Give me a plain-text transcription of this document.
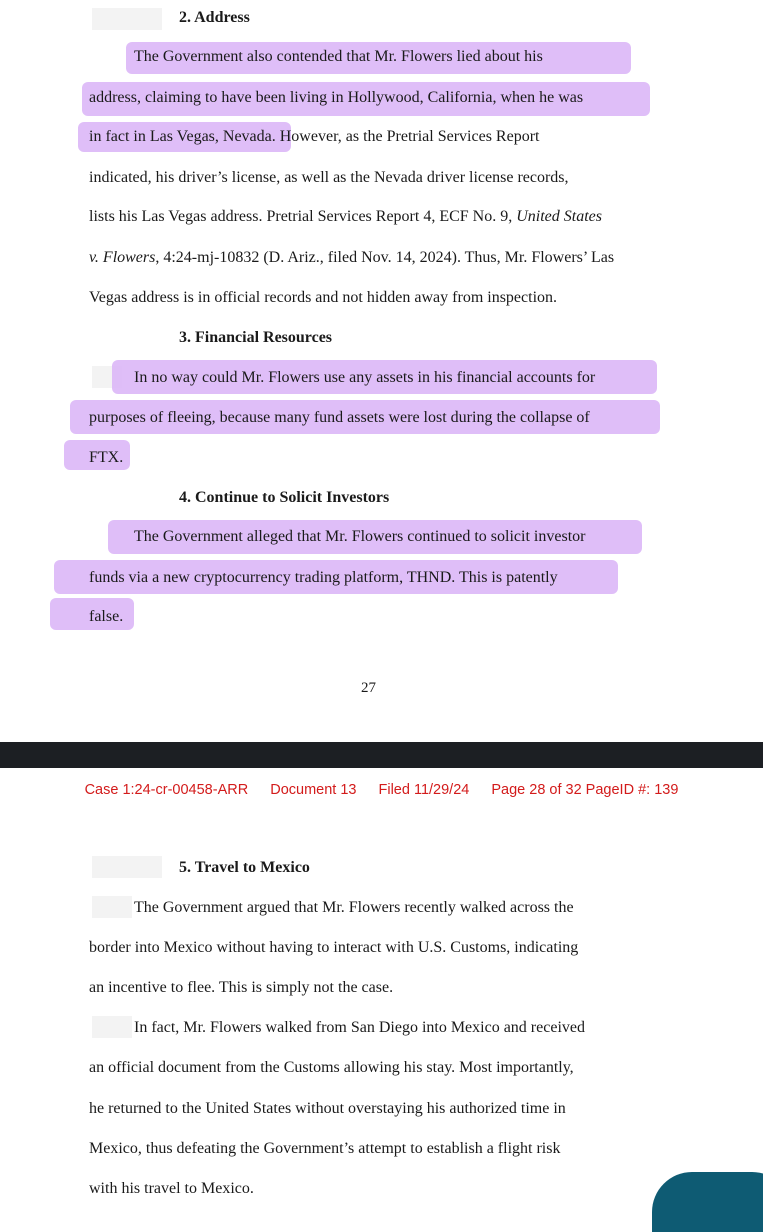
2. Address
The Government also contended that Mr. Flowers lied about his
address, claiming to have been living in Hollywood, California, when he was
in fact in Las Vegas, Nevada. However, as the Pretrial Services Report
indicated, his driver’s license, as well as the Nevada driver license records,
lists his Las Vegas address. Pretrial Services Report 4, ECF No. 9, United States
v. Flowers, 4:24-mj-10832 (D. Ariz., filed Nov. 14, 2024). Thus, Mr. Flowers’ Las
Vegas address is in official records and not hidden away from inspection.
3. Financial Resources
In no way could Mr. Flowers use any assets in his financial accounts for
purposes of fleeing, because many fund assets were lost during the collapse of
FTX.
4. Continue to Solicit Investors
The Government alleged that Mr. Flowers continued to solicit investor
funds via a new cryptocurrency trading platform, THND. This is patently
false.
27
Case 1:24-cr-00458-ARR Document 13 Filed 11/29/24 Page 28 of 32 PageID #: 139
5. Travel to Mexico
The Government argued that Mr. Flowers recently walked across the
border into Mexico without having to interact with U.S. Customs, indicating
an incentive to flee. This is simply not the case.
In fact, Mr. Flowers walked from San Diego into Mexico and received
an official document from the Customs allowing his stay. Most importantly,
he returned to the United States without overstaying his authorized time in
Mexico, thus defeating the Government’s attempt to establish a flight risk
with his travel to Mexico.
